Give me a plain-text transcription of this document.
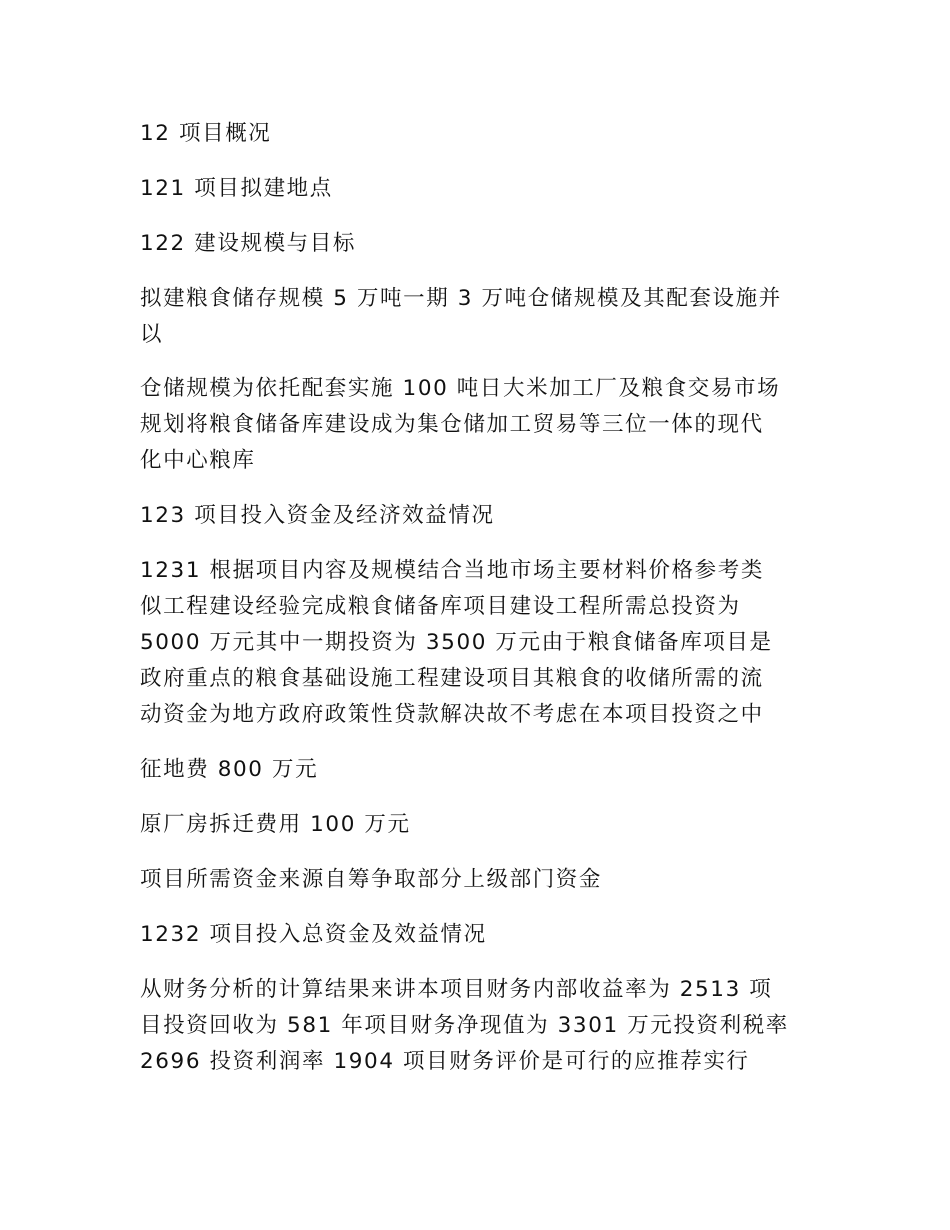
12 项目概况

121 项目拟建地点

122 建设规模与目标

拟建粮食储存规模 5 万吨一期 3 万吨仓储规模及其配套设施并
以

仓储规模为依托配套实施 100 吨日大米加工厂及粮食交易市场
规划将粮食储备库建设成为集仓储加工贸易等三位一体的现代
化中心粮库

123 项目投入资金及经济效益情况

1231 根据项目内容及规模结合当地市场主要材料价格参考类
似工程建设经验完成粮食储备库项目建设工程所需总投资为
5000 万元其中一期投资为 3500 万元由于粮食储备库项目是
政府重点的粮食基础设施工程建设项目其粮食的收储所需的流
动资金为地方政府政策性贷款解决故不考虑在本项目投资之中

征地费 800 万元

原厂房拆迁费用 100 万元

项目所需资金来源自筹争取部分上级部门资金

1232 项目投入总资金及效益情况

从财务分析的计算结果来讲本项目财务内部收益率为 2513 项
目投资回收为 581 年项目财务净现值为 3301 万元投资利税率
2696 投资利润率 1904 项目财务评价是可行的应推荐实行
